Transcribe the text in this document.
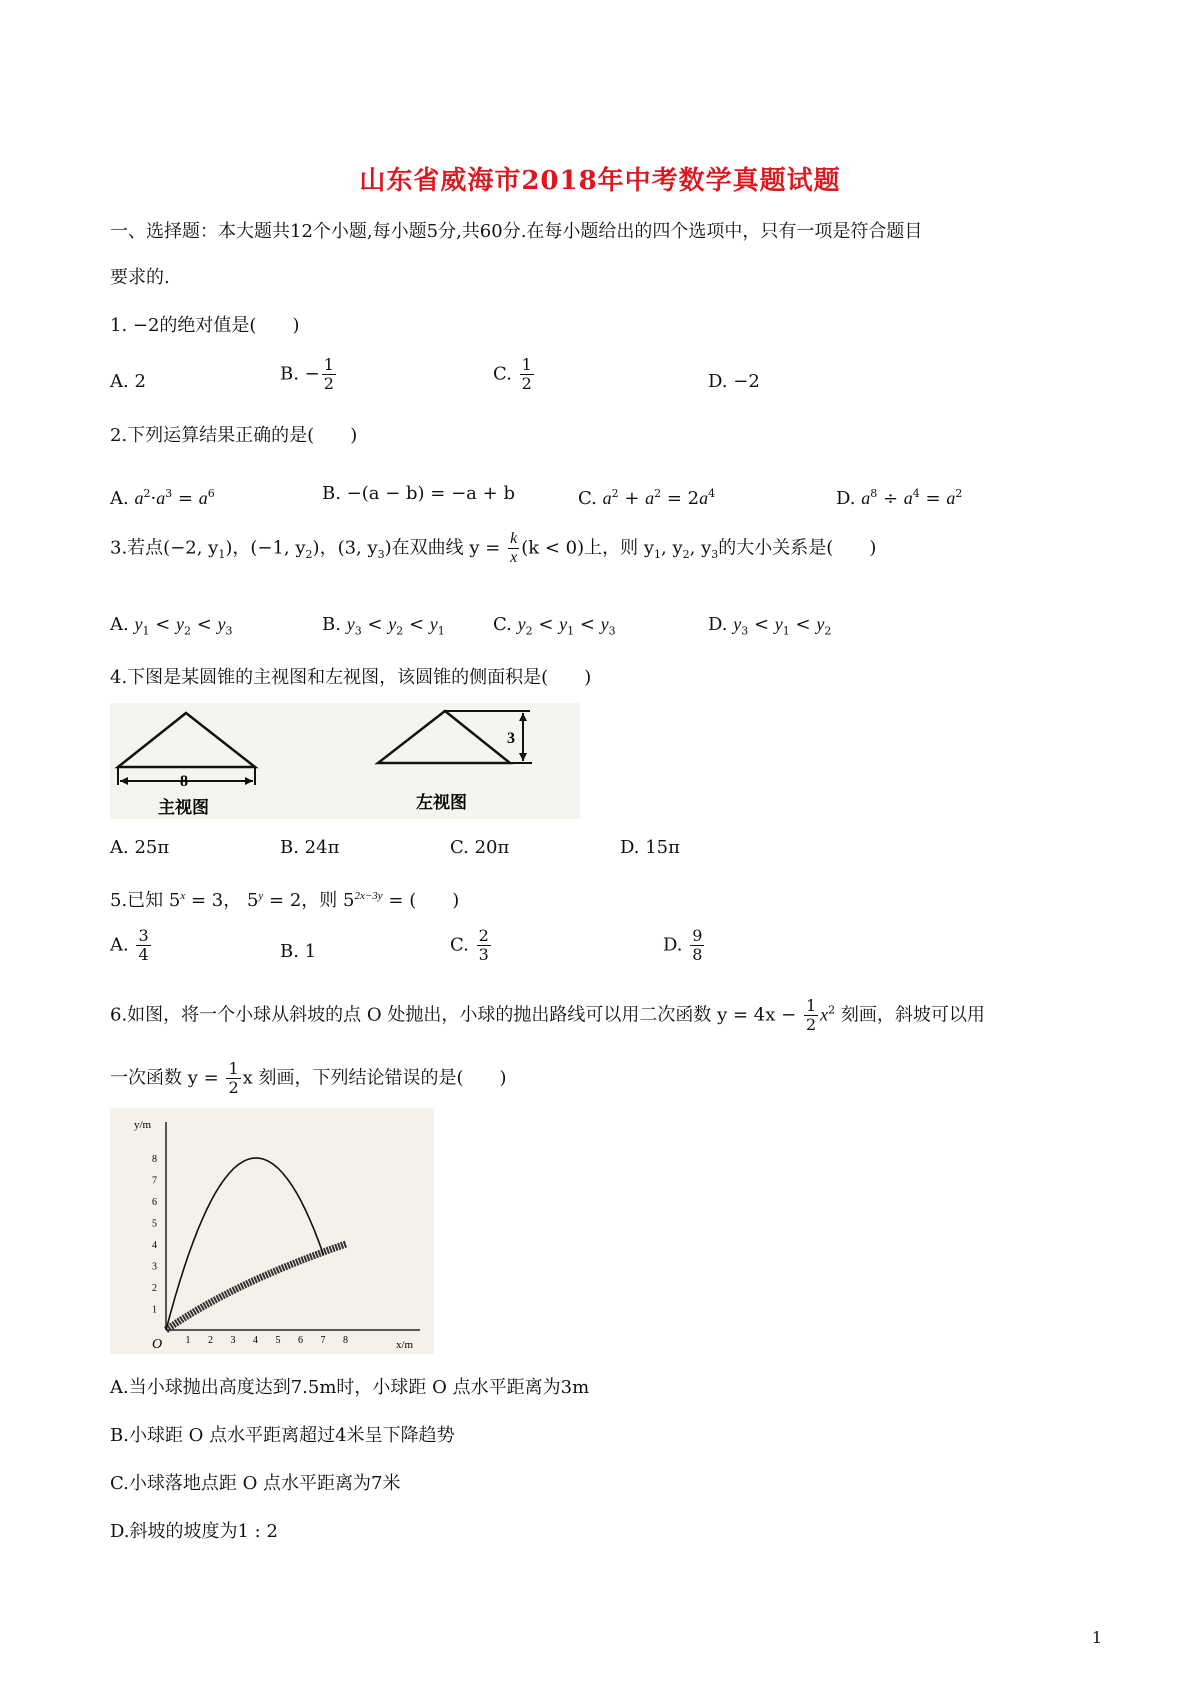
山东省威海市2018年中考数学真题试题
一、选择题：本大题共12个小题,每小题5分,共60分.在每小题给出的四个选项中，只有一项是符合题目
要求的.
1. −2的绝对值是(　　)
A. 2	B. − $\frac{1}{2}$	C. $\frac{1}{2}$	D. −2
2.下列运算结果正确的是(　　)
A. $a^2\cdot a^3 = a^6$	B. −(a − b) = −a + b	C. $a^2 + a^2 = 2a^4$	D. $a^8 \div a^4 = a^2$
3.若点(−2, $y_1$)，(−1, $y_2$)，(3, $y_3$)在双曲线 $y = \frac{k}{x} (k < 0)$上，则 $y_1$, $y_2$, $y_3$的大小关系是(　　)
A. $y_1 < y_2 < y_3$	B. $y_3 < y_2 < y_1$	C. $y_2 < y_1 < y_3$	D. $y_3 < y_1 < y_2$
4.下图是某圆锥的主视图和左视图，该圆锥的侧面积是(　　)
8
主视图
3
左视图
A. 25π	B. 24π	C. 20π	D. 15π
5.已知 $5^x = 3$， $5^y = 2$，则 $5^{2x-3y}$ = (　　)
A. $\frac{3}{4}$	B. 1	C. $\frac{2}{3}$	D. $\frac{9}{8}$
6.如图，将一个小球从斜坡的点 O 处抛出，小球的抛出路线可以用二次函数 $y = 4x - \frac{1}{2} x^2$ 刻画，斜坡可以用
一次函数 $y = \frac{1}{2}$ x 刻画，下列结论错误的是(　　)
y/m
x/m
O
1
2
3
4
5
6
7
8
1 2 3 4 5 6 7 8
A.当小球抛出高度达到7.5m时，小球距 O 点水平距离为3m
B.小球距 O 点水平距离超过4米呈下降趋势
C.小球落地点距 O 点水平距离为7米
D.斜坡的坡度为1 : 2
1
